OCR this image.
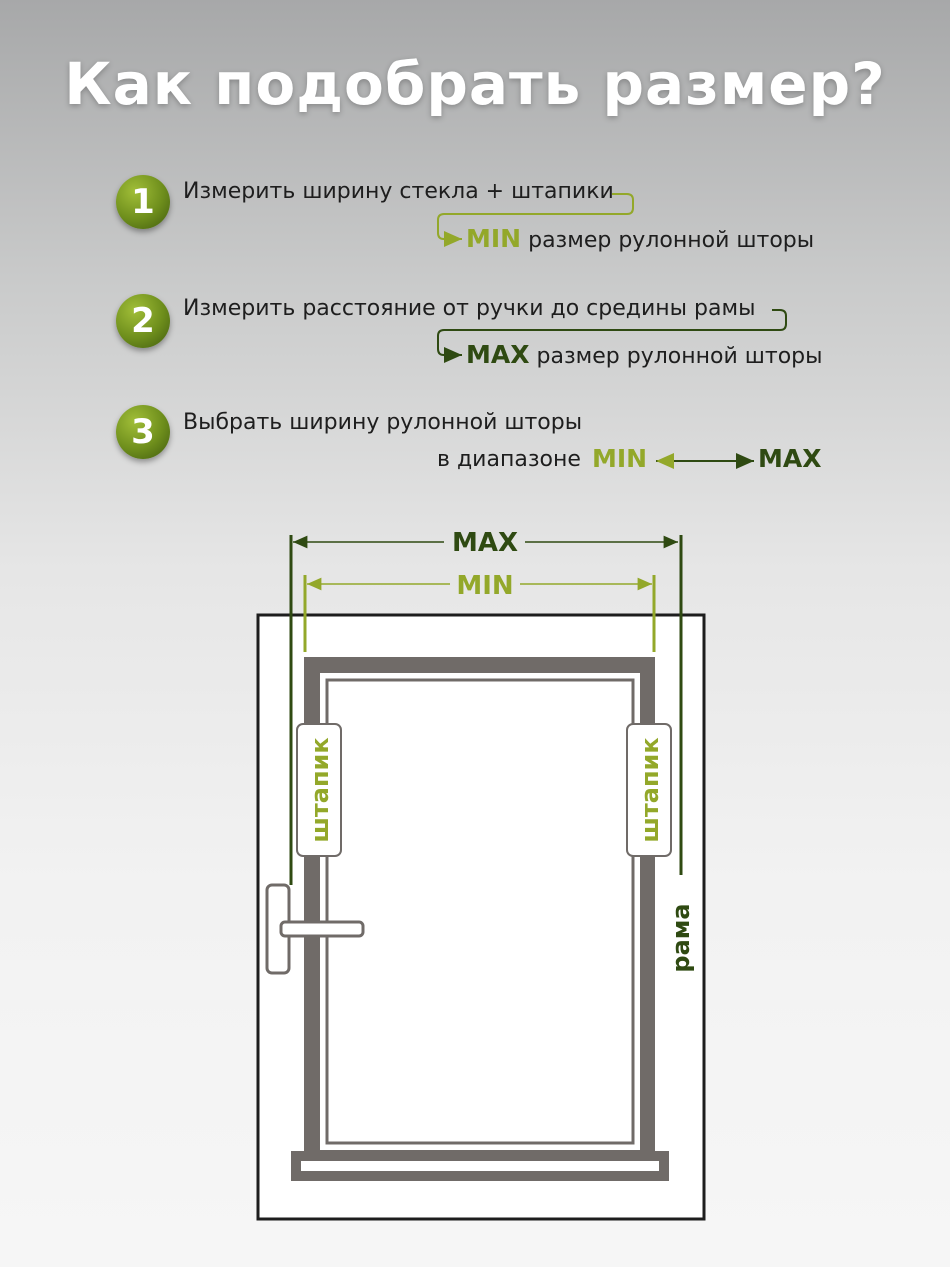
Как подобрать размер?
1	Измерить ширину стекла + штапики
MIN размер рулонной шторы
2	Измерить расстояние от ручки до средины рамы
MAX размер рулонной шторы
3	Выбрать ширину рулонной шторы
в диапазоне MIN	MAX
MAX
MIN
штапик	штапик
рама
